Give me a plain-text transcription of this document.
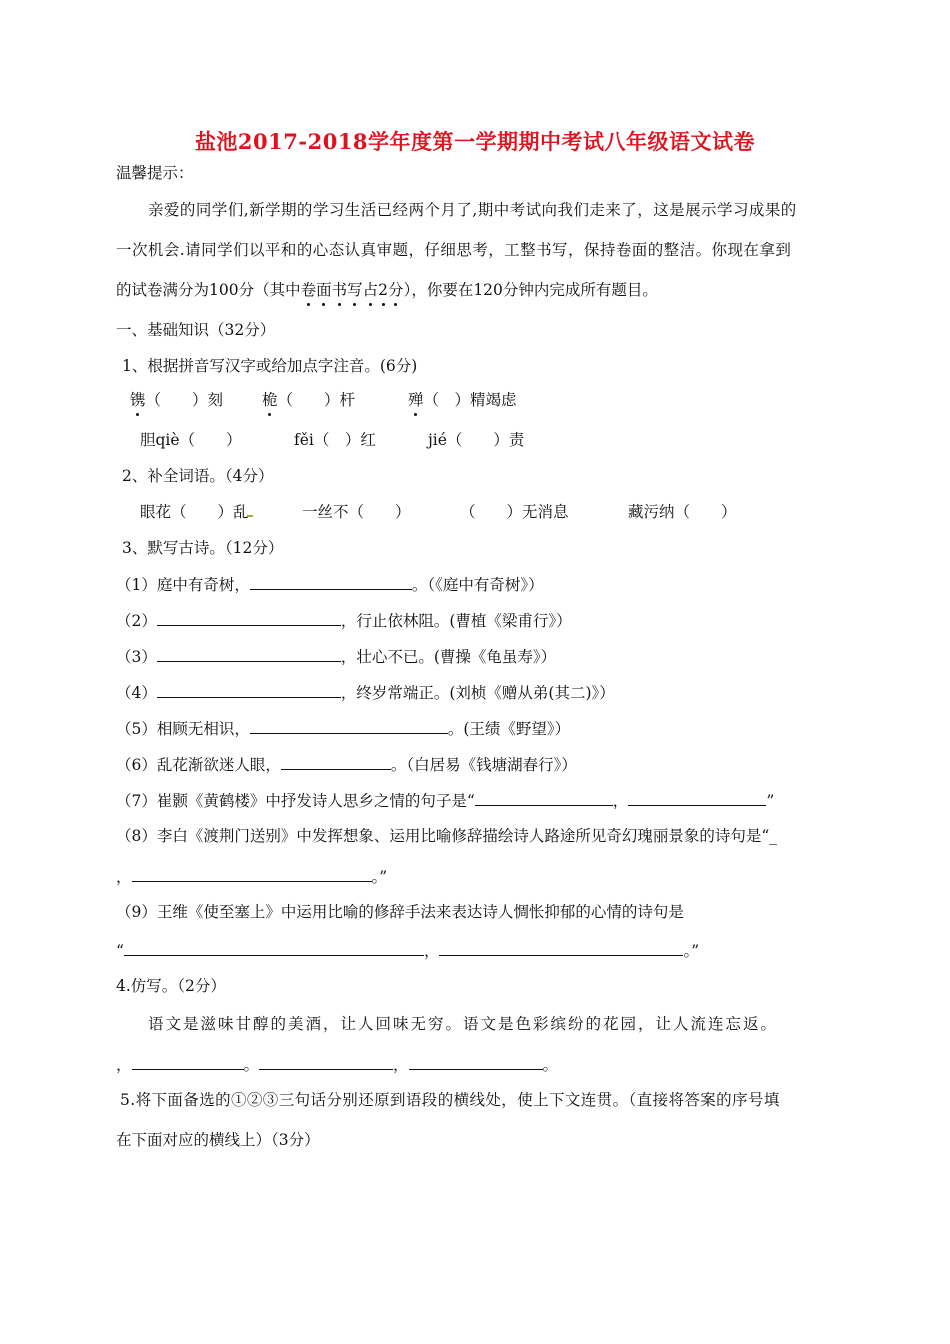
盐池2017-2018学年度第一学期期中考试八年级语文试卷
温馨提示：
亲爱的同学们,新学期的学习生活已经两个月了,期中考试向我们走来了，这是展示学习成果的
一次机会.请同学们以平和的心态认真审题，仔细思考，工整书写，保持卷面的整洁。你现在拿到
的试卷满分为100分（其中卷面书写占2分），你要在120分钟内完成所有题目。
一、基础知识（32分）
1、根据拼音写汉字或给加点字注音。(6分)
镌（　　）刻	桅（　　）杆	殚（　）精竭虑
胆qiè（　　）	fěi（　）红	jié（　　）责
2、补全词语。（4分）
眼花（　　）乱	一丝不（　　）	（　　）无消息	藏污纳（　　）
3、默写古诗。（12分）
（1）庭中有奇树，	。（《庭中有奇树》）
（2）	，行止依林阻。(曹植《梁甫行》）
（3）	，壮心不已。(曹操《龟虽寿》）
（4）	，终岁常端正。(刘桢《赠从弟(其二)》）
（5）相顾无相识，	。(王绩《野望》）
（6）乱花渐欲迷人眼，	。（白居易《钱塘湖春行》）
（7）崔颢《黄鹤楼》中抒发诗人思乡之情的句子是“	，	”
（8）李白《渡荆门送别》中发挥想象、运用比喻修辞描绘诗人路途所见奇幻瑰丽景象的诗句是“_
，	。”
（9）王维《使至塞上》中运用比喻的修辞手法来表达诗人惆怅抑郁的心情的诗句是
“	，	。”
4.仿写。（2分）
语文是滋味甘醇的美酒，让人回味无穷。语文是色彩缤纷的花园，让人流连忘返。
，	。	，	。
5.将下面备选的①②③三句话分别还原到语段的横线处，使上下文连贯。（直接将答案的序号填
在下面对应的横线上）（3分）
